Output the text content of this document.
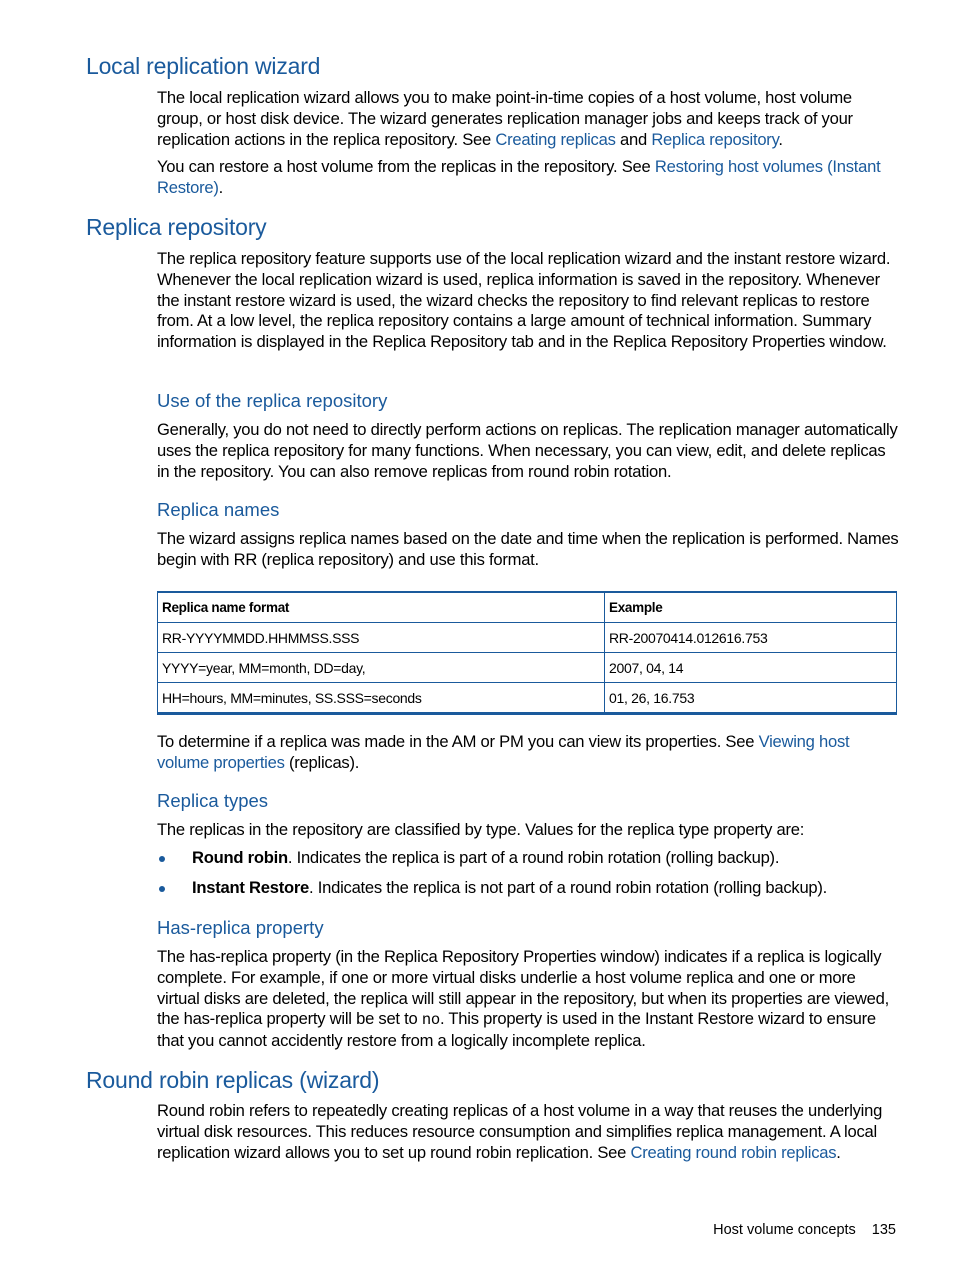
Local replication wizard

The local replication wizard allows you to make point-in-time copies of a host volume, host volume group, or host disk device. The wizard generates replication manager jobs and keeps track of your replication actions in the replica repository. See Creating replicas and Replica repository.

You can restore a host volume from the replicas in the repository. See Restoring host volumes (Instant Restore).

Replica repository

The replica repository feature supports use of the local replication wizard and the instant restore wizard. Whenever the local replication wizard is used, replica information is saved in the repository. Whenever the instant restore wizard is used, the wizard checks the repository to find relevant replicas to restore from. At a low level, the replica repository contains a large amount of technical information. Summary information is displayed in the Replica Repository tab and in the Replica Repository Properties window.

Use of the replica repository

Generally, you do not need to directly perform actions on replicas. The replication manager automatically uses the replica repository for many functions. When necessary, you can view, edit, and delete replicas in the repository. You can also remove replicas from round robin rotation.

Replica names

The wizard assigns replica names based on the date and time when the replication is performed. Names begin with RR (replica repository) and use this format.

Replica name format	Example
RR-YYYYMMDD.HHMMSS.SSS	RR-20070414.012616.753
YYYY=year, MM=month, DD=day,	2007, 04, 14
HH=hours, MM=minutes, SS.SSS=seconds	01, 26, 16.753

To determine if a replica was made in the AM or PM you can view its properties. See Viewing host volume properties (replicas).

Replica types

The replicas in the repository are classified by type. Values for the replica type property are:

Round robin. Indicates the replica is part of a round robin rotation (rolling backup).
Instant Restore. Indicates the replica is not part of a round robin rotation (rolling backup).
Has-replica property

The has-replica property (in the Replica Repository Properties window) indicates if a replica is logically complete. For example, if one or more virtual disks underlie a host volume replica and one or more virtual disks are deleted, the replica will still appear in the repository, but when its properties are viewed, the has-replica property will be set to no. This property is used in the Instant Restore wizard to ensure that you cannot accidently restore from a logically incomplete replica.

Round robin replicas (wizard)

Round robin refers to repeatedly creating replicas of a host volume in a way that reuses the underlying virtual disk resources. This reduces resource consumption and simplifies replica management. A local replication wizard allows you to set up round robin replication. See Creating round robin replicas.

Host volume concepts 135
